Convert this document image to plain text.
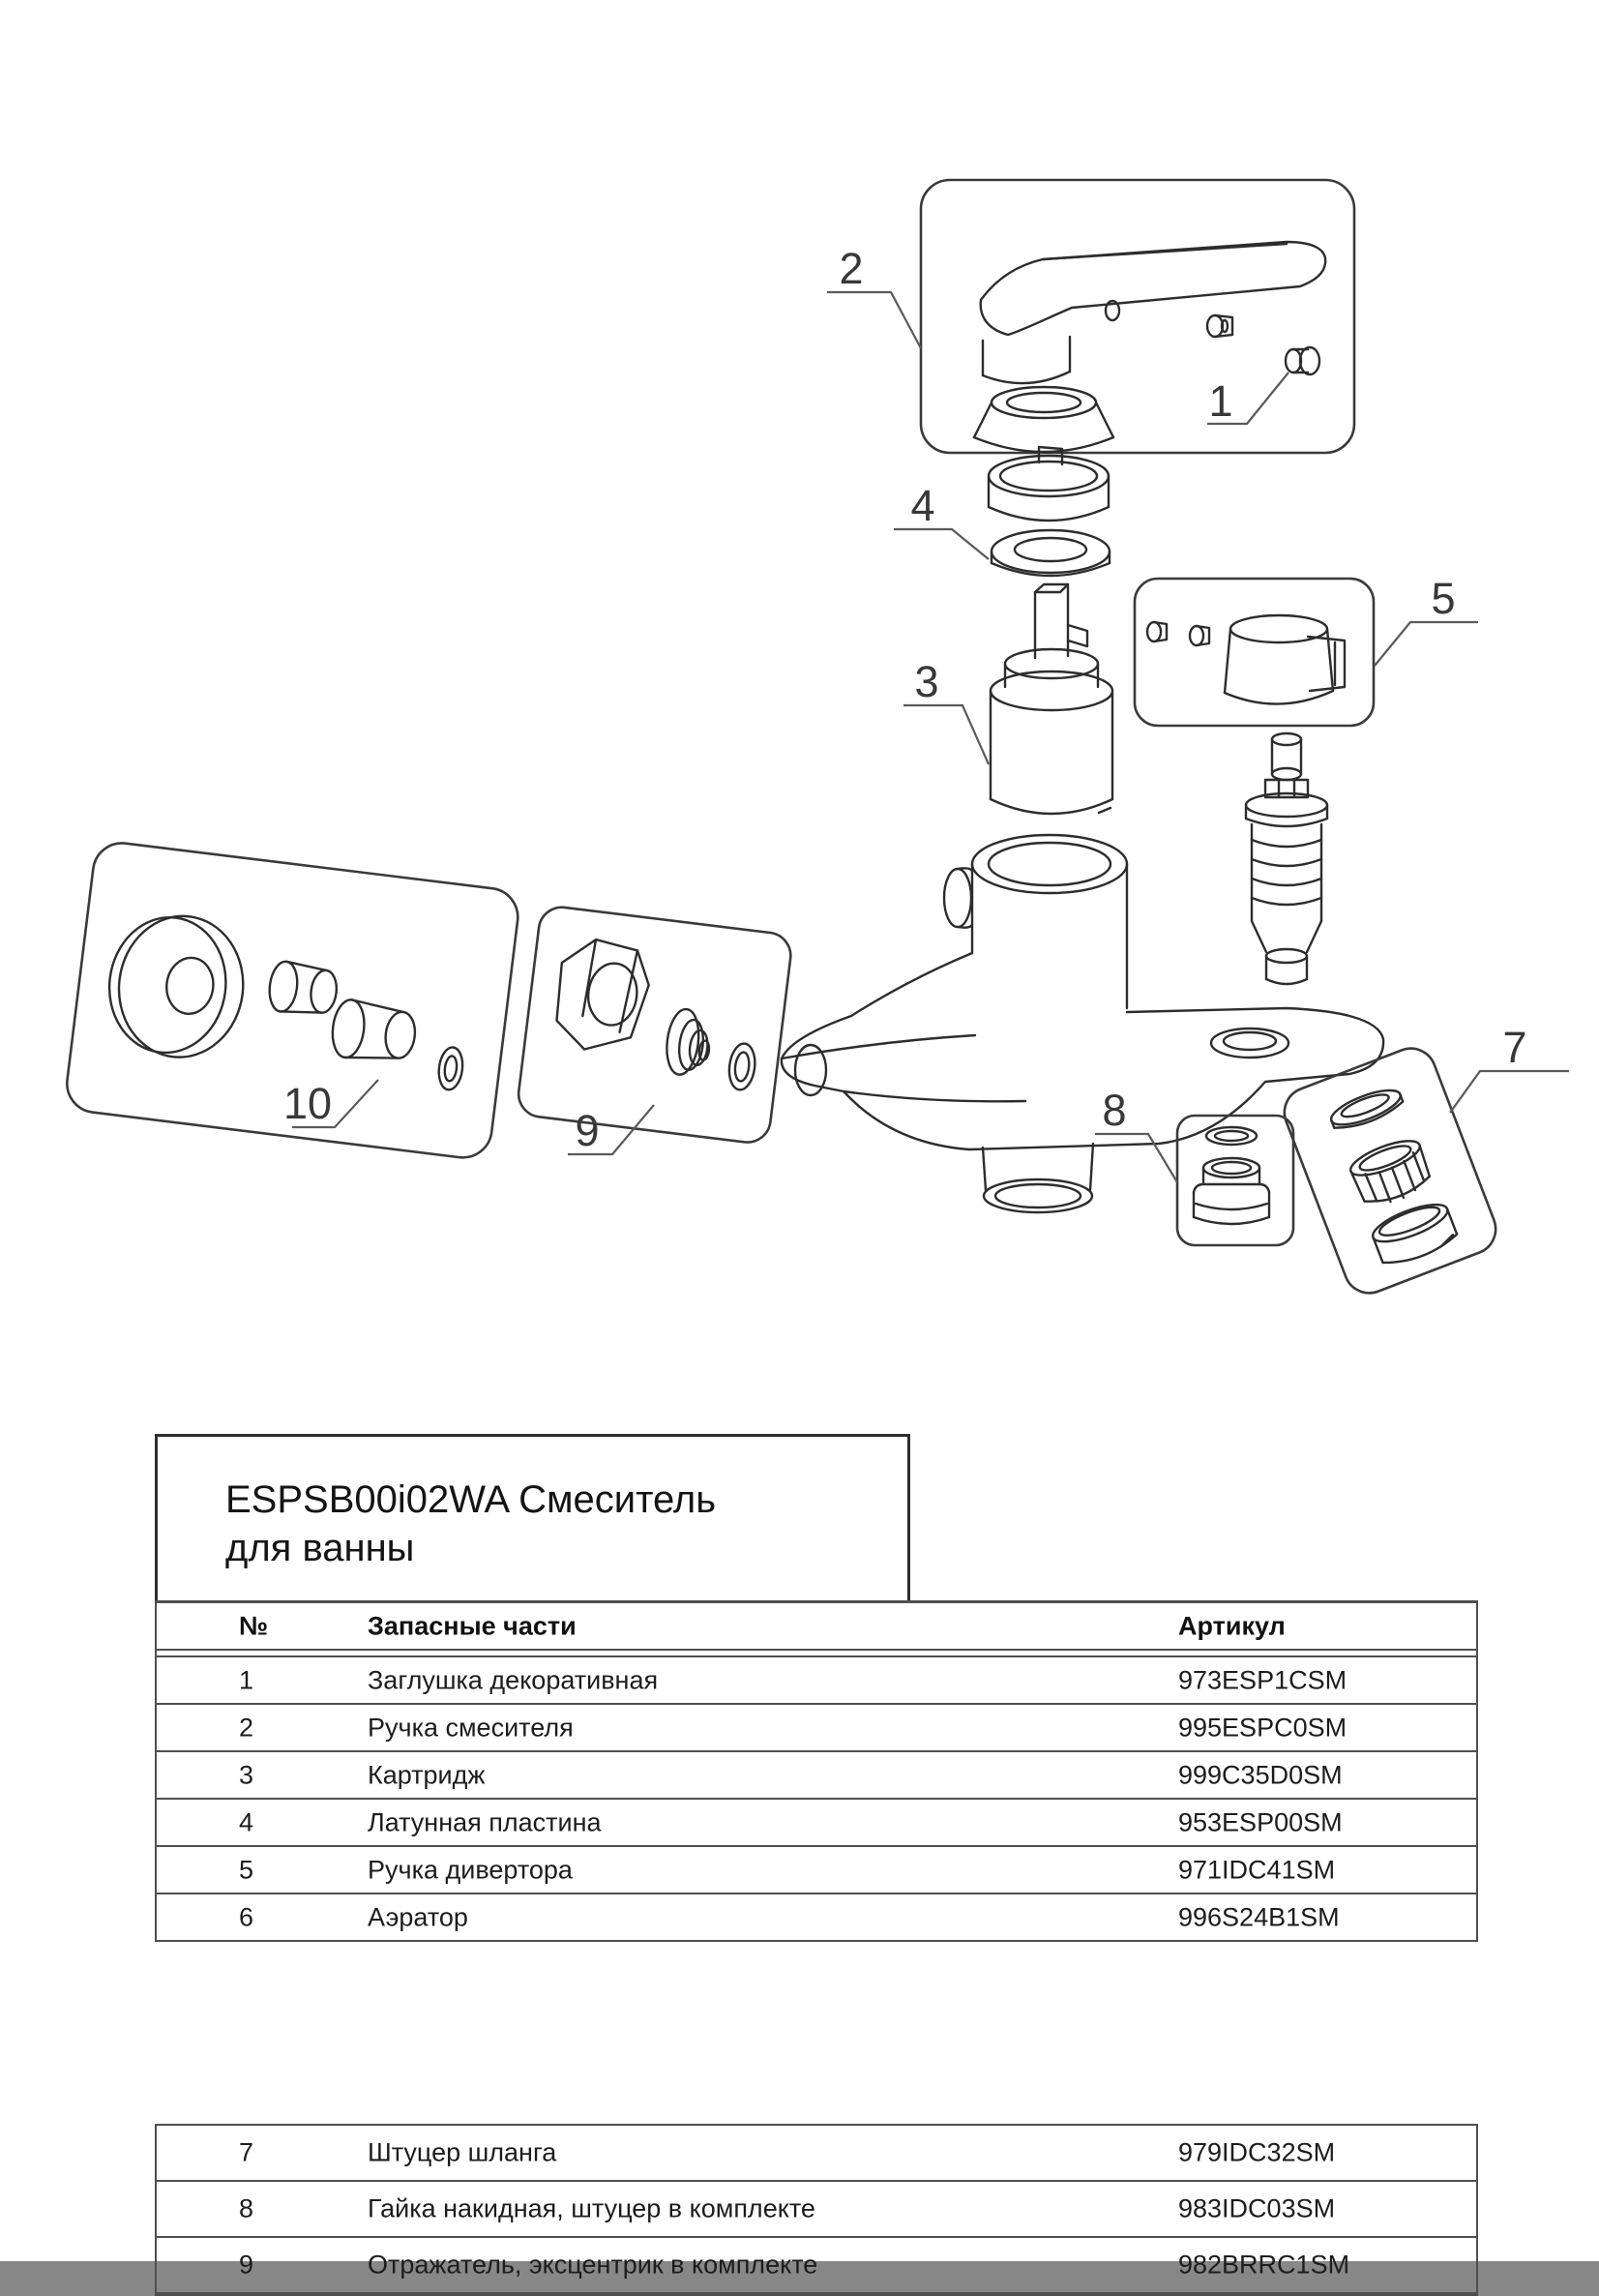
2
1
4
3
5
7
8
9
10
ESPSB00i02WA Смеситель
для ванны
№	Запасные части	Артикул
1	Заглушка декоративная	973ESP1CSM
2	Ручка смесителя	995ESPC0SM
3	Картридж	999C35D0SM
4	Латунная пластина	953ESP00SM
5	Ручка дивертора	971IDC41SM
6	Аэратор	996S24B1SM
7	Штуцер шланга	979IDC32SM
8	Гайка накидная, штуцер в комплекте	983IDC03SM
9	Отражатель, эксцентрик в комплекте	982BRRC1SM
